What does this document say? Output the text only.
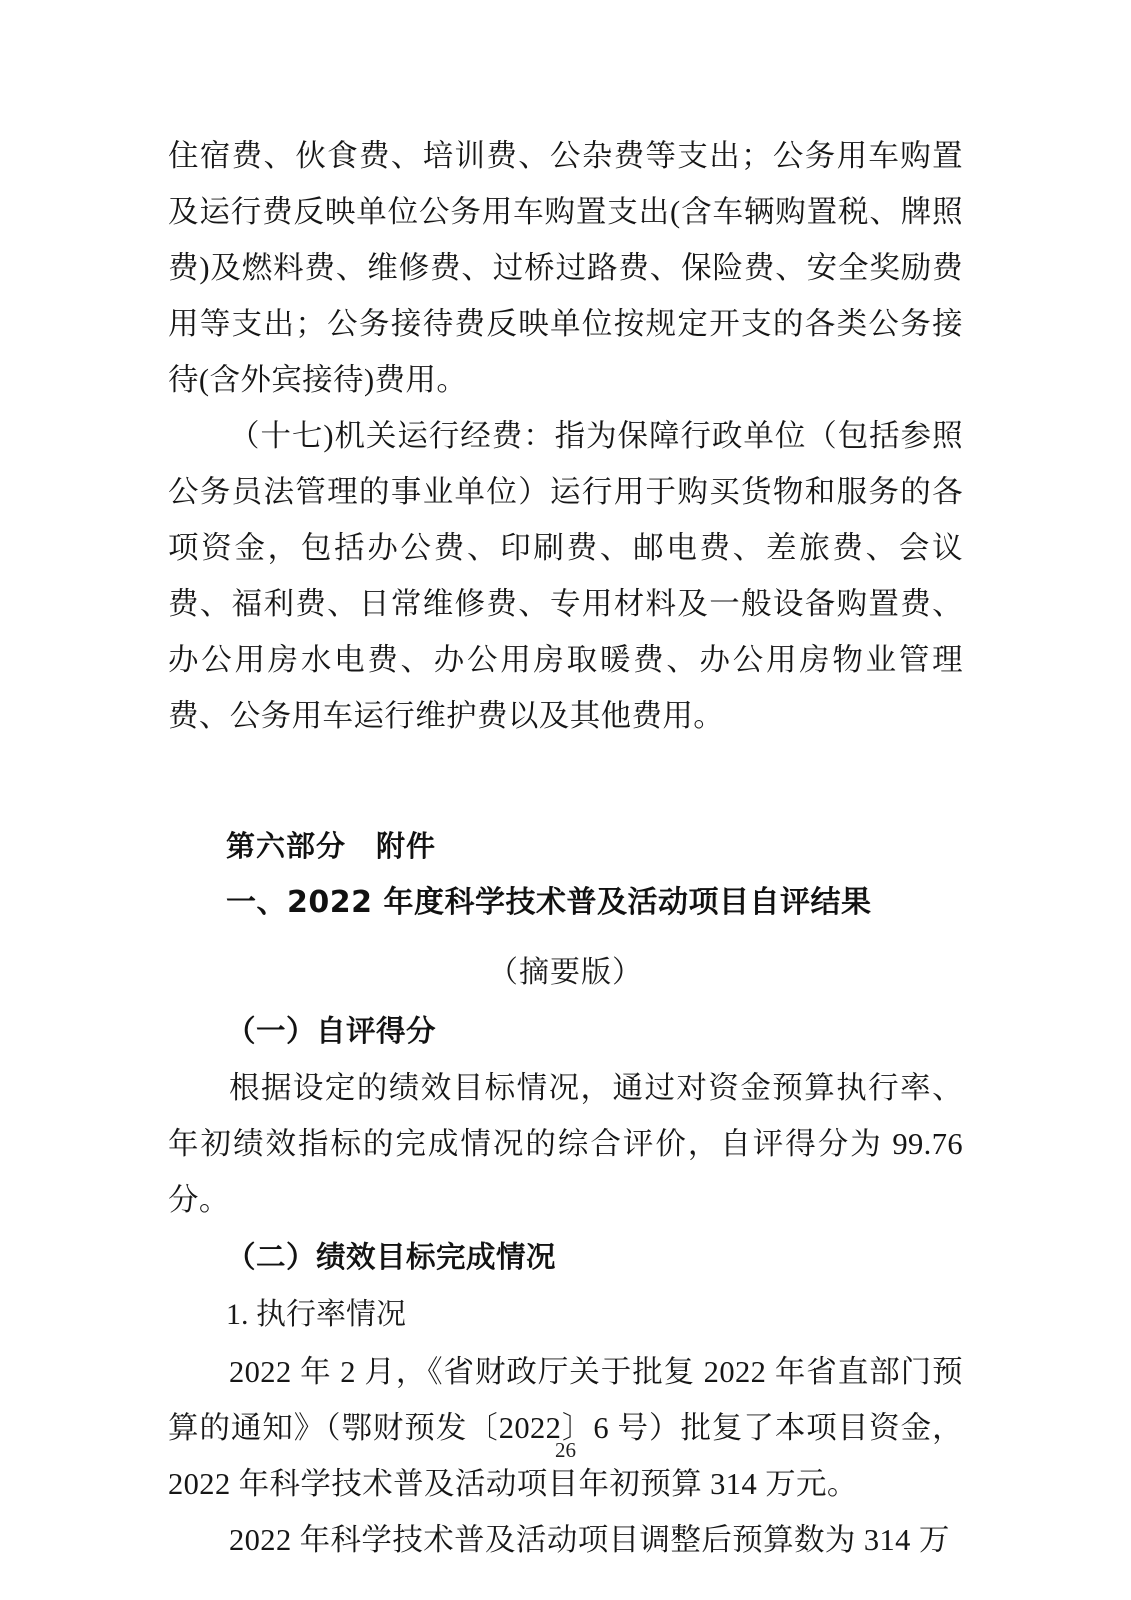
住宿费、伙食费、培训费、公杂费等支出；公务用车购置及运行费反映单位公务用车购置支出(含车辆购置税、牌照费)及燃料费、维修费、过桥过路费、保险费、安全奖励费用等支出；公务接待费反映单位按规定开支的各类公务接待(含外宾接待)费用。

（十七)机关运行经费：指为保障行政单位（包括参照公务员法管理的事业单位）运行用于购买货物和服务的各项资金，包括办公费、印刷费、邮电费、差旅费、会议费、福利费、日常维修费、专用材料及一般设备购置费、办公用房水电费、办公用房取暖费、办公用房物业管理费、公务用车运行维护费以及其他费用。

第六部分　附件

一、2022 年度科学技术普及活动项目自评结果

（摘要版）

（一）自评得分

根据设定的绩效目标情况，通过对资金预算执行率、年初绩效指标的完成情况的综合评价，自评得分为 99.76 分。

（二）绩效目标完成情况

1. 执行率情况

2022 年 2 月，《省财政厅关于批复 2022 年省直部门预算的通知》（鄂财预发〔2022〕6 号）批复了本项目资金，2022 年科学技术普及活动项目年初预算 314 万元。

2022 年科学技术普及活动项目调整后预算数为 314 万

26
